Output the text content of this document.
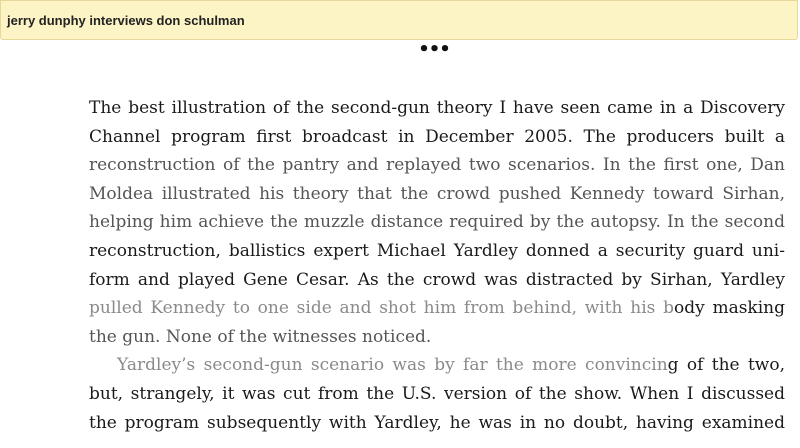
jerry dunphy interviews don schulman
•••
The best illustration of the second-gun theory I have seen came in a Discovery
Channel program first broadcast in December 2005. The producers built a
reconstruction of the pantry and replayed two scenarios. In the first one, Dan
Moldea illustrated his theory that the crowd pushed Kennedy toward Sirhan,
helping him achieve the muzzle distance required by the autopsy. In the second
reconstruction, ballistics expert Michael Yardley donned a security guard uni-
form and played Gene Cesar. As the crowd was distracted by Sirhan, Yardley
pulled Kennedy to one side and shot him from behind, with his body masking
the gun. None of the witnesses noticed.
Yardley’s second-gun scenario was by far the more convincing of the two,
but, strangely, it was cut from the U.S. version of the show. When I discussed
the program subsequently with Yardley, he was in no doubt, having examined
